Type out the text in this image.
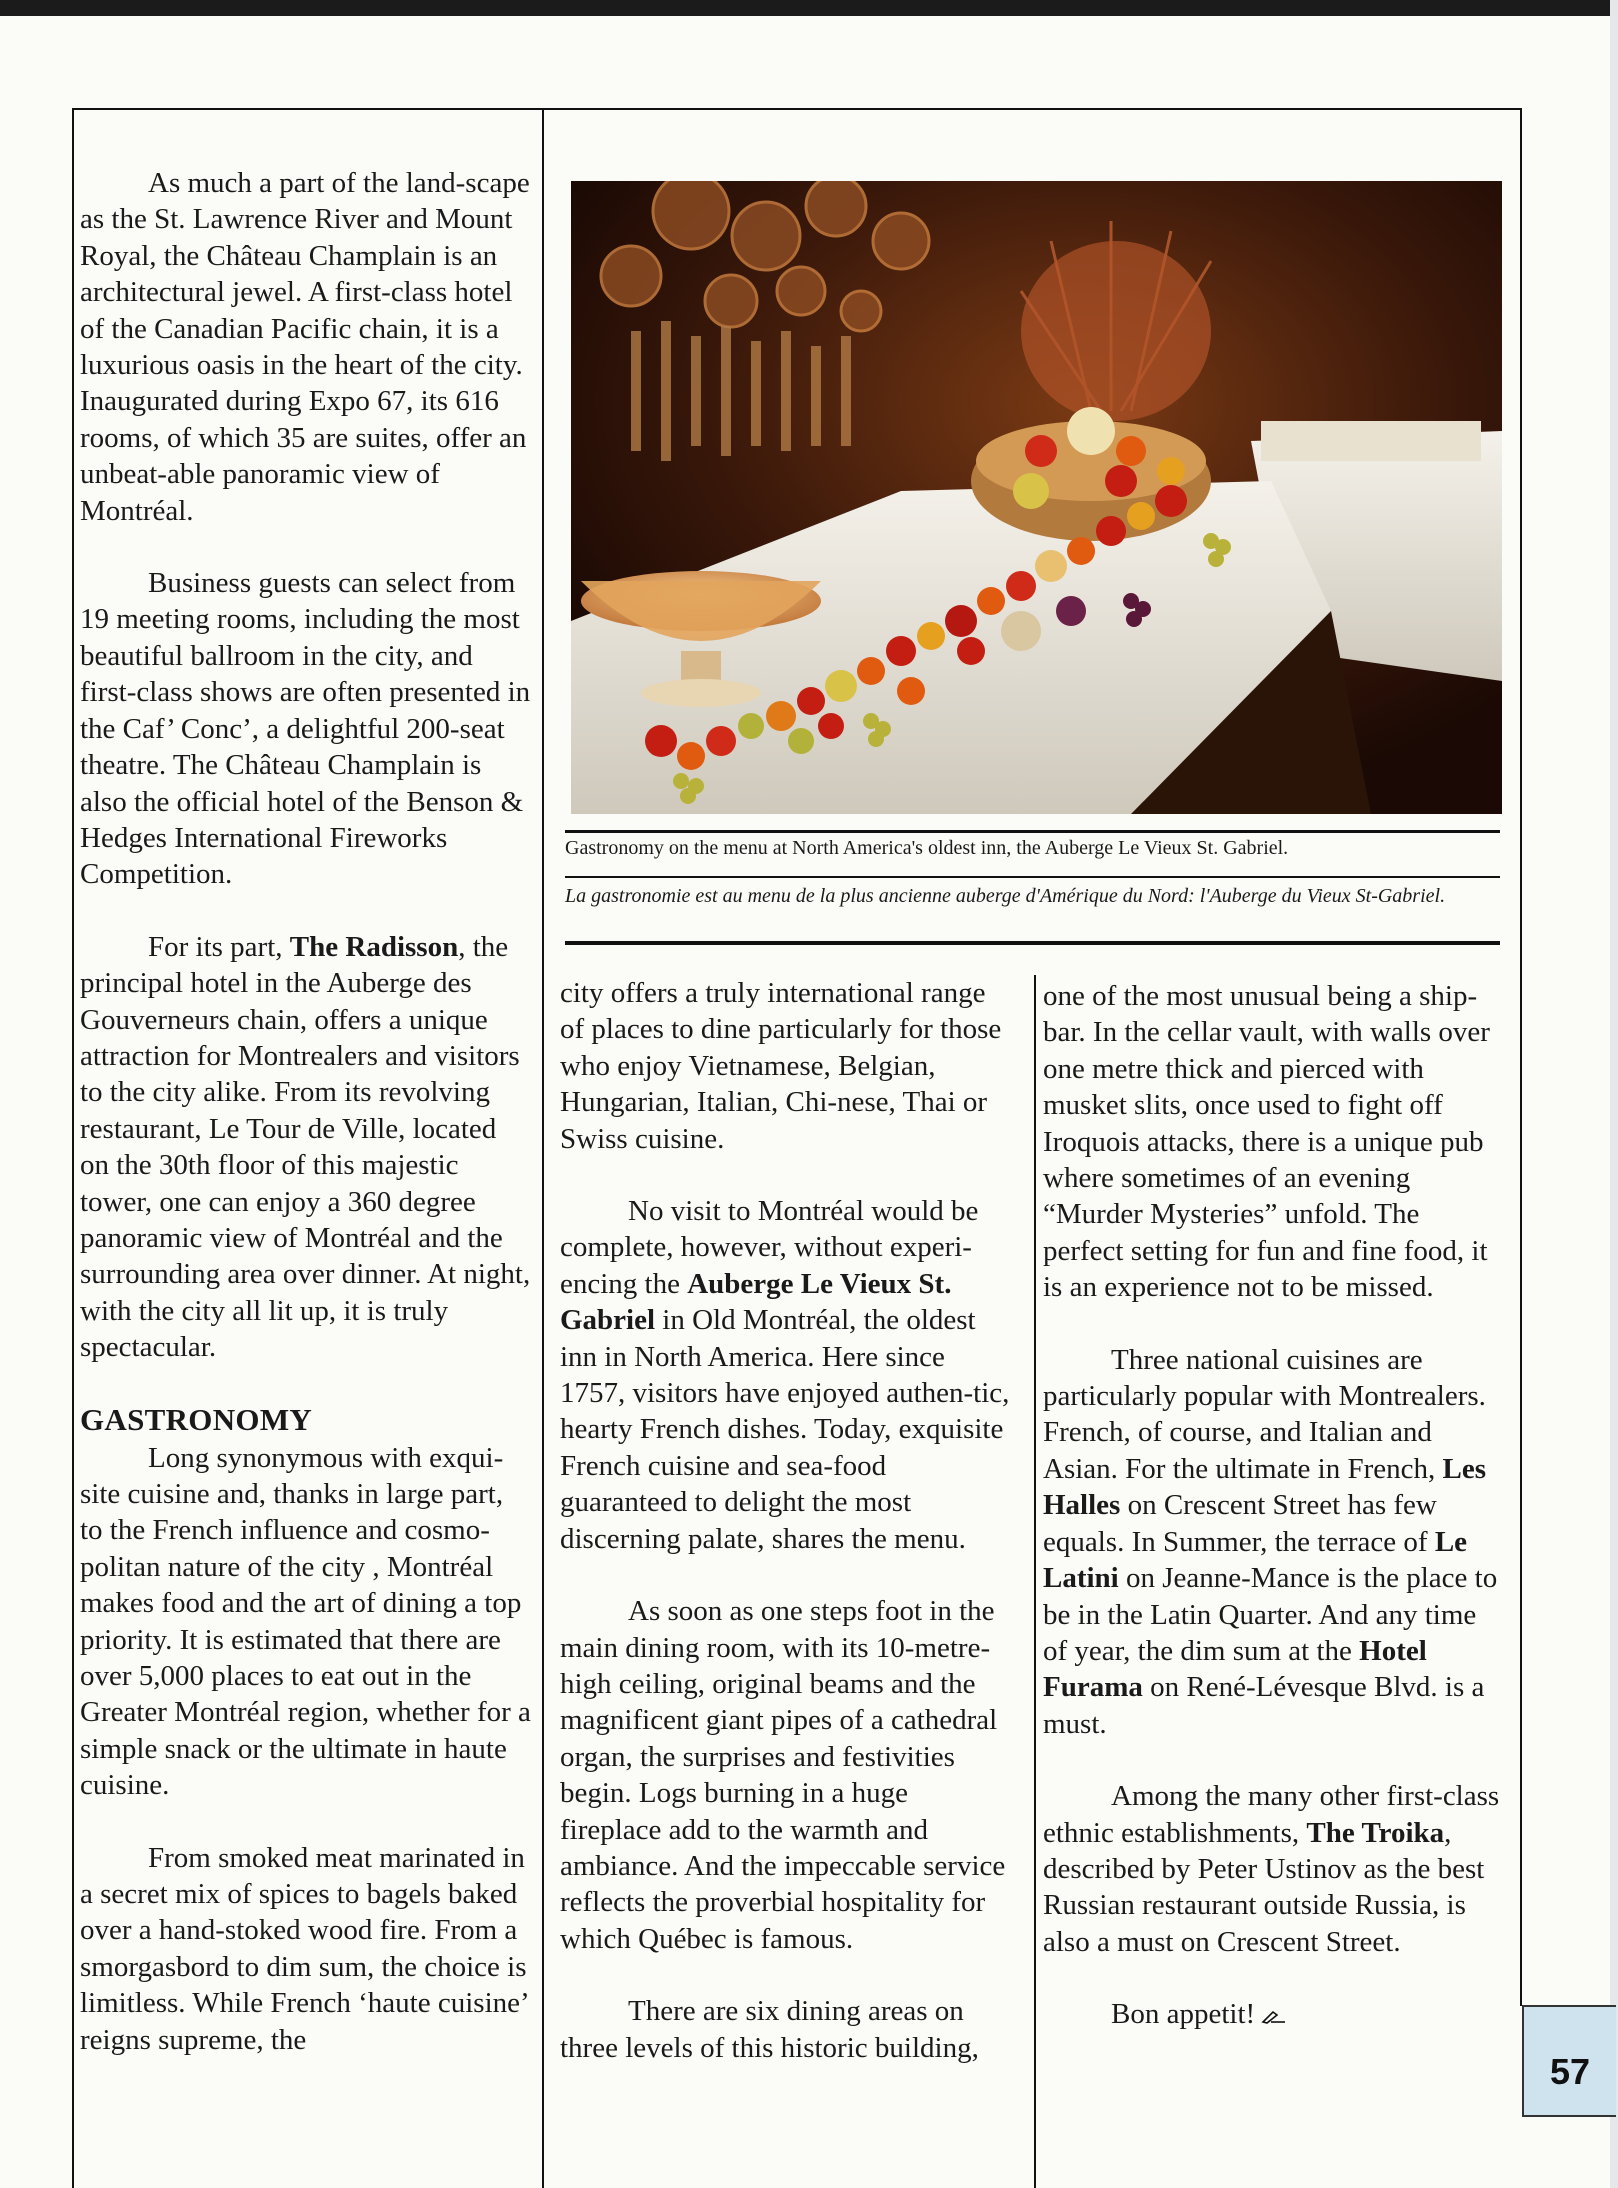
Gastronomy on the menu at North America's oldest inn, the Auberge Le Vieux St. Gabriel.
La gastronomie est au menu de la plus ancienne auberge d'Amérique du Nord: l'Auberge du Vieux St-Gabriel.

As much a part of the land-scape as the St. Lawrence River and Mount Royal, the Château Champlain is an architectural jewel. A first-class hotel of the Canadian Pacific chain, it is a luxurious oasis in the heart of the city. Inaugurated during Expo 67, its 616 rooms, of which 35 are suites, offer an unbeat-able panoramic view of Montréal.

Business guests can select from 19 meeting rooms, including the most beautiful ballroom in the city, and first-class shows are often presented in the Caf’ Conc’, a delightful 200-seat theatre. The Château Champlain is also the official hotel of the Benson & Hedges International Fireworks Competition.

For its part, The Radisson, the principal hotel in the Auberge des Gouverneurs chain, offers a unique attraction for Montrealers and visitors to the city alike. From its revolving restaurant, Le Tour de Ville, located on the 30th floor of this majestic tower, one can enjoy a 360 degree panoramic view of Montréal and the surrounding area over dinner. At night, with the city all lit up, it is truly spectacular.

GASTRONOMY

Long synonymous with exqui-site cuisine and, thanks in large part, to the French influence and cosmo-politan nature of the city , Montréal makes food and the art of dining a top priority. It is estimated that there are over 5,000 places to eat out in the Greater Montréal region, whether for a simple snack or the ultimate in haute cuisine.

From smoked meat marinated in a secret mix of spices to bagels baked over a hand-stoked wood fire. From a smorgasbord to dim sum, the choice is limitless. While French ‘haute cuisine’ reigns supreme, the

city offers a truly international range of places to dine particularly for those who enjoy Vietnamese, Belgian, Hungarian, Italian, Chi-nese, Thai or Swiss cuisine.

No visit to Montréal would be complete, however, without experi-encing the Auberge Le Vieux St. Gabriel in Old Montréal, the oldest inn in North America. Here since 1757, visitors have enjoyed authen-tic, hearty French dishes. Today, exquisite French cuisine and sea-food guaranteed to delight the most discerning palate, shares the menu.

As soon as one steps foot in the main dining room, with its 10-metre-high ceiling, original beams and the magnificent giant pipes of a cathedral organ, the surprises and festivities begin. Logs burning in a huge fireplace add to the warmth and ambiance. And the impeccable service reflects the proverbial hospitality for which Québec is famous.

There are six dining areas on three levels of this historic building,

one of the most unusual being a ship-bar. In the cellar vault, with walls over one metre thick and pierced with musket slits, once used to fight off Iroquois attacks, there is a unique pub where sometimes of an evening “Murder Mysteries” unfold. The perfect setting for fun and fine food, it is an experience not to be missed.

Three national cuisines are particularly popular with Montrealers. French, of course, and Italian and Asian. For the ultimate in French, Les Halles on Crescent Street has few equals. In Summer, the terrace of Le Latini on Jeanne-Mance is the place to be in the Latin Quarter. And any time of year, the dim sum at the Hotel Furama on René-Lévesque Blvd. is a must.

Among the many other first-class ethnic establishments, The Troika, described by Peter Ustinov as the best Russian restaurant outside Russia, is also a must on Crescent Street.

Bon appetit!

57
